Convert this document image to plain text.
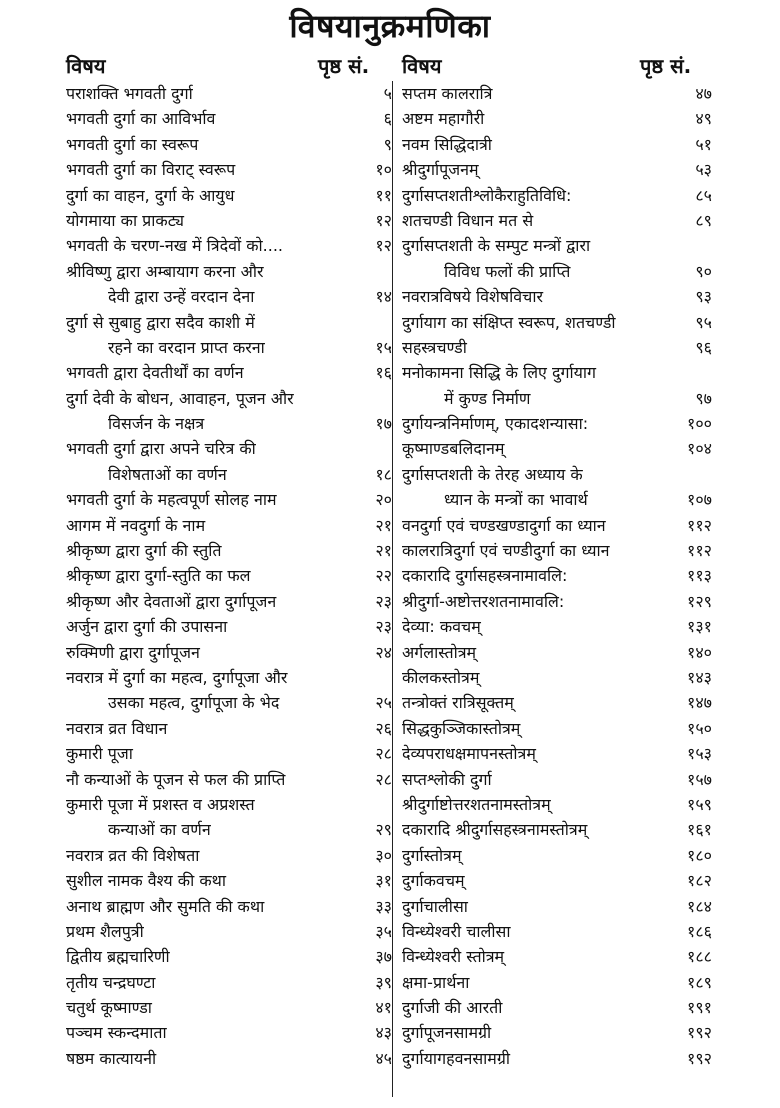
विषयानुक्रमणिका
विषय	पृष्ठ सं. विषय	पृष्ठ सं.
पराशक्ति भगवती दुर्गा	५
भगवती दुर्गा का आविर्भाव	६
भगवती दुर्गा का स्वरूप	९
भगवती दुर्गा का विराट् स्वरूप	१०
दुर्गा का वाहन, दुर्गा के आयुध	११
योगमाया का प्राकट्य	१२
भगवती के चरण-नख में त्रिदेवों को....	१२
श्रीविष्णु द्वारा अम्बायाग करना और
देवी द्वारा उन्हें वरदान देना	१४
दुर्गा से सुबाहु द्वारा सदैव काशी में
रहने का वरदान प्राप्त करना	१५
भगवती द्वारा देवतीर्थों का वर्णन	१६
दुर्गा देवी के बोधन, आवाहन, पूजन और
विसर्जन के नक्षत्र	१७
भगवती दुर्गा द्वारा अपने चरित्र की
विशेषताओं का वर्णन	१८
भगवती दुर्गा के महत्वपूर्ण सोलह नाम	२०
आगम में नवदुर्गा के नाम	२१
श्रीकृष्ण द्वारा दुर्गा की स्तुति	२१
श्रीकृष्ण द्वारा दुर्गा-स्तुति का फल	२२
श्रीकृष्ण और देवताओं द्वारा दुर्गापूजन	२३
अर्जुन द्वारा दुर्गा की उपासना	२३
रुक्मिणी द्वारा दुर्गापूजन	२४
नवरात्र में दुर्गा का महत्व, दुर्गापूजा और
उसका महत्व, दुर्गापूजा के भेद	२५
नवरात्र व्रत विधान	२६
कुमारी पूजा	२८
नौ कन्याओं के पूजन से फल की प्राप्ति	२८
कुमारी पूजा में प्रशस्त व अप्रशस्त
कन्याओं का वर्णन	२९
नवरात्र व्रत की विशेषता	३०
सुशील नामक वैश्य की कथा	३१
अनाथ ब्राह्मण और सुमति की कथा	३३
प्रथम शैलपुत्री	३५
द्वितीय ब्रह्मचारिणी	३७
तृतीय चन्द्रघण्टा	३९
चतुर्थ कूष्माण्डा	४१
पञ्चम स्कन्दमाता	४३
षष्ठम कात्यायनी	४५
सप्तम कालरात्रि	४७
अष्टम महागौरी	४९
नवम सिद्धिदात्री	५१
श्रीदुर्गापूजनम्	५३
दुर्गासप्तशतीश्लोकैराहुतिविधि:	८५
शतचण्डी विधान मत से	८९
दुर्गासप्तशती के सम्पुट मन्त्रों द्वारा
विविध फलों की प्राप्ति	९०
नवरात्रविषये विशेषविचार	९३
दुर्गायाग का संक्षिप्त स्वरूप, शतचण्डी	९५
सहस्त्रचण्डी	९६
मनोकामना सिद्धि के लिए दुर्गायाग
में कुण्ड निर्माण	९७
दुर्गायन्त्रनिर्माणम्, एकादशन्यासा:	१००
कूष्माण्डबलिदानम्	१०४
दुर्गासप्तशती के तेरह अध्याय के
ध्यान के मन्त्रों का भावार्थ	१०७
वनदुर्गा एवं चण्डखण्डादुर्गा का ध्यान	११२
कालरात्रिदुर्गा एवं चण्डीदुर्गा का ध्यान	११२
दकारादि दुर्गासहस्त्रनामावलि:	११३
श्रीदुर्गा-अष्टोत्तरशतनामावलि:	१२९
देव्या: कवचम्	१३१
अर्गलास्तोत्रम्	१४०
कीलकस्तोत्रम्	१४३
तन्त्रोक्तं रात्रिसूक्तम्	१४७
सिद्धकुञ्जिकास्तोत्रम्	१५०
देव्यपराधक्षमापनस्तोत्रम्	१५३
सप्तश्लोकी दुर्गा	१५७
श्रीदुर्गाष्टोत्तरशतनामस्तोत्रम्	१५९
दकारादि श्रीदुर्गासहस्त्रनामस्तोत्रम्	१६१
दुर्गास्तोत्रम्	१८०
दुर्गाकवचम्	१८२
दुर्गाचालीसा	१८४
विन्ध्येश्वरी चालीसा	१८६
विन्ध्येश्वरी स्तोत्रम्	१८८
क्षमा-प्रार्थना	१८९
दुर्गाजी की आरती	१९१
दुर्गापूजनसामग्री	१९२
दुर्गायागहवनसामग्री	१९२
